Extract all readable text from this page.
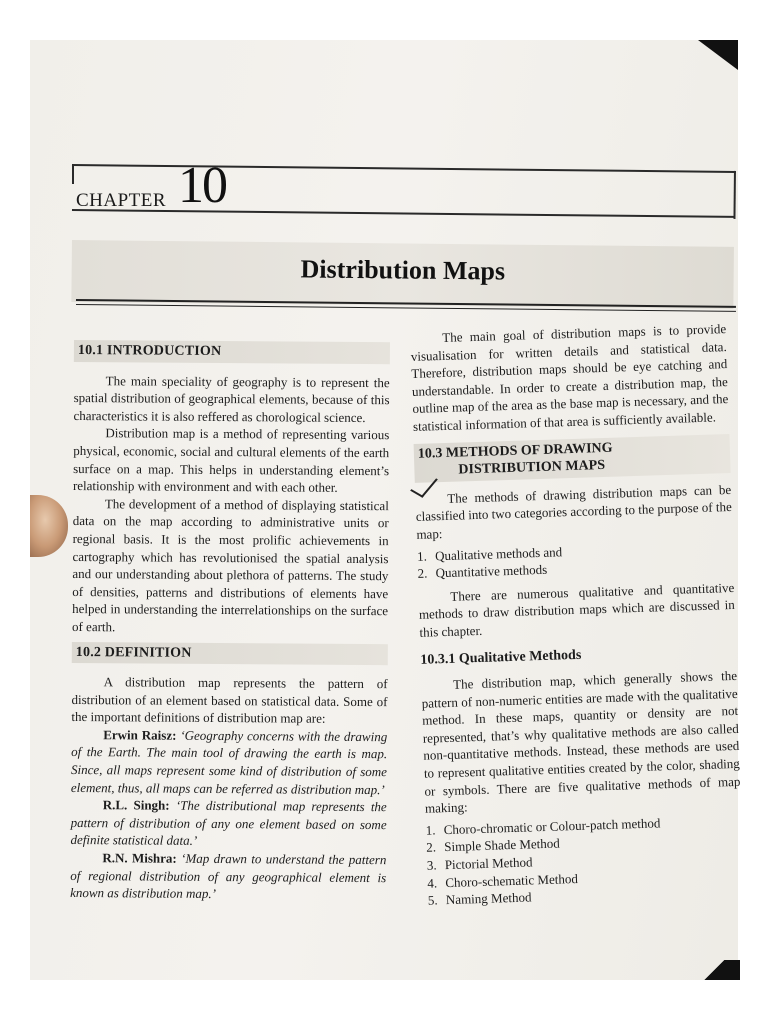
CHAPTER 10
Distribution Maps
10.1 INTRODUCTION

The main speciality of geography is to represent the spatial distribution of geographical elements, because of this characteristics it is also reffered as chorological science.

Distribution map is a method of representing various physical, economic, social and cultural elements of the earth surface on a map. This helps in understanding element’s relationship with environment and with each other.

The development of a method of displaying statistical data on the map according to administrative units or regional basis. It is the most prolific achievements in cartography which has revolutionised the spatial analysis and our understanding about plethora of patterns. The study of densities, patterns and distributions of elements have helped in understanding the interrelationships on the surface of earth.

10.2 DEFINITION

A distribution map represents the pattern of distribution of an element based on statistical data. Some of the important definitions of distribution map are:

Erwin Raisz: ‘Geography concerns with the drawing of the Earth. The main tool of drawing the earth is map. Since, all maps represent some kind of distribution of some element, thus, all maps can be referred as distribution map.’

R.L. Singh: ‘The distributional map represents the pattern of distribution of any one element based on some definite statistical data.’

R.N. Mishra: ‘Map drawn to understand the pattern of regional distribution of any geographical element is known as distribution map.’

The main goal of distribution maps is to provide visualisation for written details and statistical data. Therefore, distribution maps should be eye catching and understandable. In order to create a distribution map, the outline map of the area as the base map is necessary, and the statistical information of that area is sufficiently available.

10.3 METHODS OF DRAWING
DISTRIBUTION MAPS

The methods of drawing distribution maps can be classified into two categories according to the purpose of the map:

1. Qualitative methods and
2. Quantitative methods

There are numerous qualitative and quantitative methods to draw distribution maps which are discussed in this chapter.

10.3.1 Qualitative Methods

The distribution map, which generally shows the pattern of non-numeric entities are made with the qualitative method. In these maps, quantity or density are not represented, that’s why qualitative methods are also called non-quantitative methods. Instead, these methods are used to represent qualitative entities created by the color, shading or symbols. There are five qualitative methods of map making:

1. Choro-chromatic or Colour-patch method
2. Simple Shade Method
3. Pictorial Method
4. Choro-schematic Method
5. Naming Method
